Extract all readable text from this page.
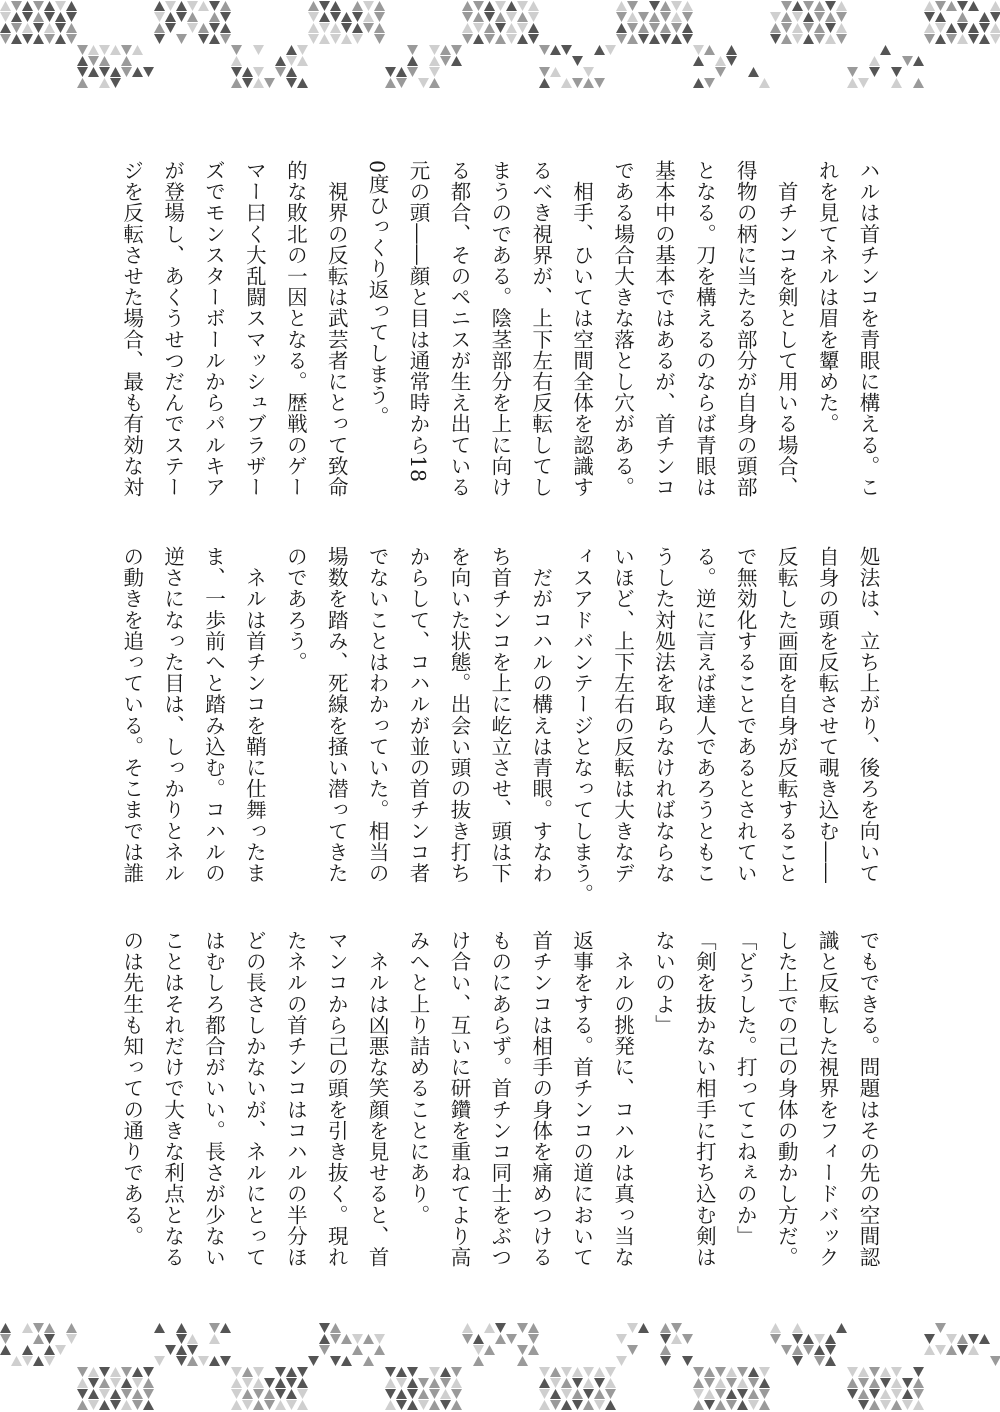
ハルは首チンコを青眼に構える。こ
れを見てネルは眉を顰めた。
　首チンコを剣として用いる場合、
得物の柄に当たる部分が自身の頭部
となる。刀を構えるのならば青眼は
基本中の基本ではあるが、首チンコ
である場合大きな落とし穴がある。
　相手、ひいては空間全体を認識す
るべき視界が、上下左右反転してし
まうのである。陰茎部分を上に向け
る都合、そのペニスが生え出ている
元の頭――顔と目は通常時から18
0度ひっくり返ってしまう。
　視界の反転は武芸者にとって致命
的な敗北の一因となる。歴戦のゲー
マー曰く大乱闘スマッシュブラザー
ズでモンスターボールからパルキア
が登場し、あくうせつだんでステー
ジを反転させた場合、最も有効な対
処法は、立ち上がり、後ろを向いて
自身の頭を反転させて覗き込む――
反転した画面を自身が反転すること
で無効化することであるとされてい
る。逆に言えば達人であろうともこ
うした対処法を取らなければならな
いほど、上下左右の反転は大きなデ
ィスアドバンテージとなってしまう。
　だがコハルの構えは青眼。すなわ
ち首チンコを上に屹立させ、頭は下
を向いた状態。出会い頭の抜き打ち
からして、コハルが並の首チンコ者
でないことはわかっていた。相当の
場数を踏み、死線を掻い潜ってきた
のであろう。
　ネルは首チンコを鞘に仕舞ったま
ま、一歩前へと踏み込む。コハルの
逆さになった目は、しっかりとネル
の動きを追っている。そこまでは誰
でもできる。問題はその先の空間認
識と反転した視界をフィードバック
した上での己の身体の動かし方だ。
「どうした。打ってこねぇのか」
「剣を抜かない相手に打ち込む剣は
ないのよ」
　ネルの挑発に、コハルは真っ当な
返事をする。首チンコの道において
首チンコは相手の身体を痛めつける
ものにあらず。首チンコ同士をぶつ
け合い、互いに研鑽を重ねてより高
みへと上り詰めることにあり。
　ネルは凶悪な笑顔を見せると、首
マンコから己の頭を引き抜く。現れ
たネルの首チンコはコハルの半分ほ
どの長さしかないが、ネルにとって
はむしろ都合がいい。長さが少ない
ことはそれだけで大きな利点となる
のは先生も知っての通りである。
